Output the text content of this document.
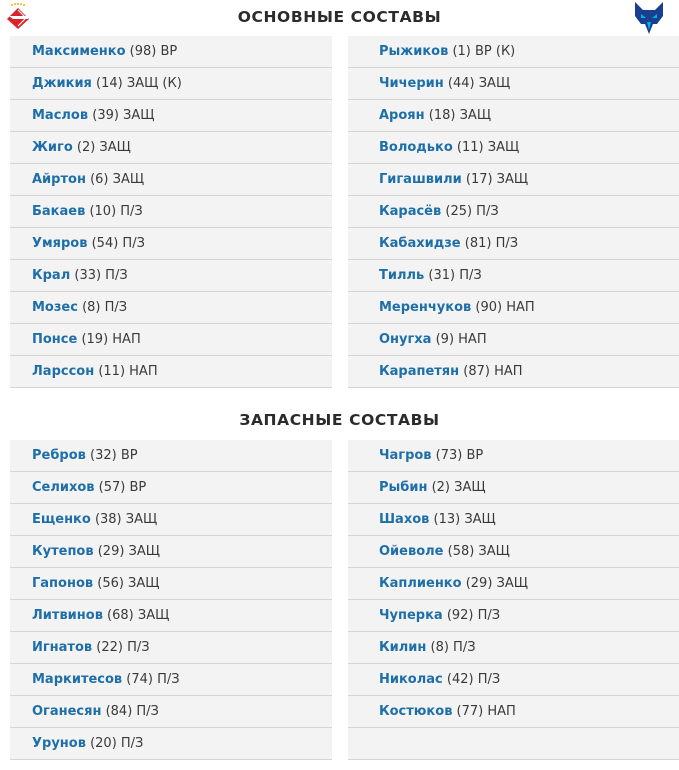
ОСНОВНЫЕ СОСТАВЫ
Максименко (98) ВР
Джикия (14) ЗАЩ (К)
Маслов (39) ЗАЩ
Жиго (2) ЗАЩ
Айртон (6) ЗАЩ
Бакаев (10) П/З
Умяров (54) П/З
Крал (33) П/З
Мозес (8) П/З
Понсе (19) НАП
Ларссон (11) НАП
Рыжиков (1) ВР (К)
Чичерин (44) ЗАЩ
Ароян (18) ЗАЩ
Володько (11) ЗАЩ
Гигашвили (17) ЗАЩ
Карасёв (25) П/З
Кабахидзе (81) П/З
Тилль (31) П/З
Меренчуков (90) НАП
Онугха (9) НАП
Карапетян (87) НАП
ЗАПАСНЫЕ СОСТАВЫ
Ребров (32) ВР
Селихов (57) ВР
Ещенко (38) ЗАЩ
Кутепов (29) ЗАЩ
Гапонов (56) ЗАЩ
Литвинов (68) ЗАЩ
Игнатов (22) П/З
Маркитесов (74) П/З
Оганесян (84) П/З
Урунов (20) П/З
Чагров (73) ВР
Рыбин (2) ЗАЩ
Шахов (13) ЗАЩ
Ойеволе (58) ЗАЩ
Каплиенко (29) ЗАЩ
Чуперка (92) П/З
Килин (8) П/З
Николас (42) П/З
Костюков (77) НАП
